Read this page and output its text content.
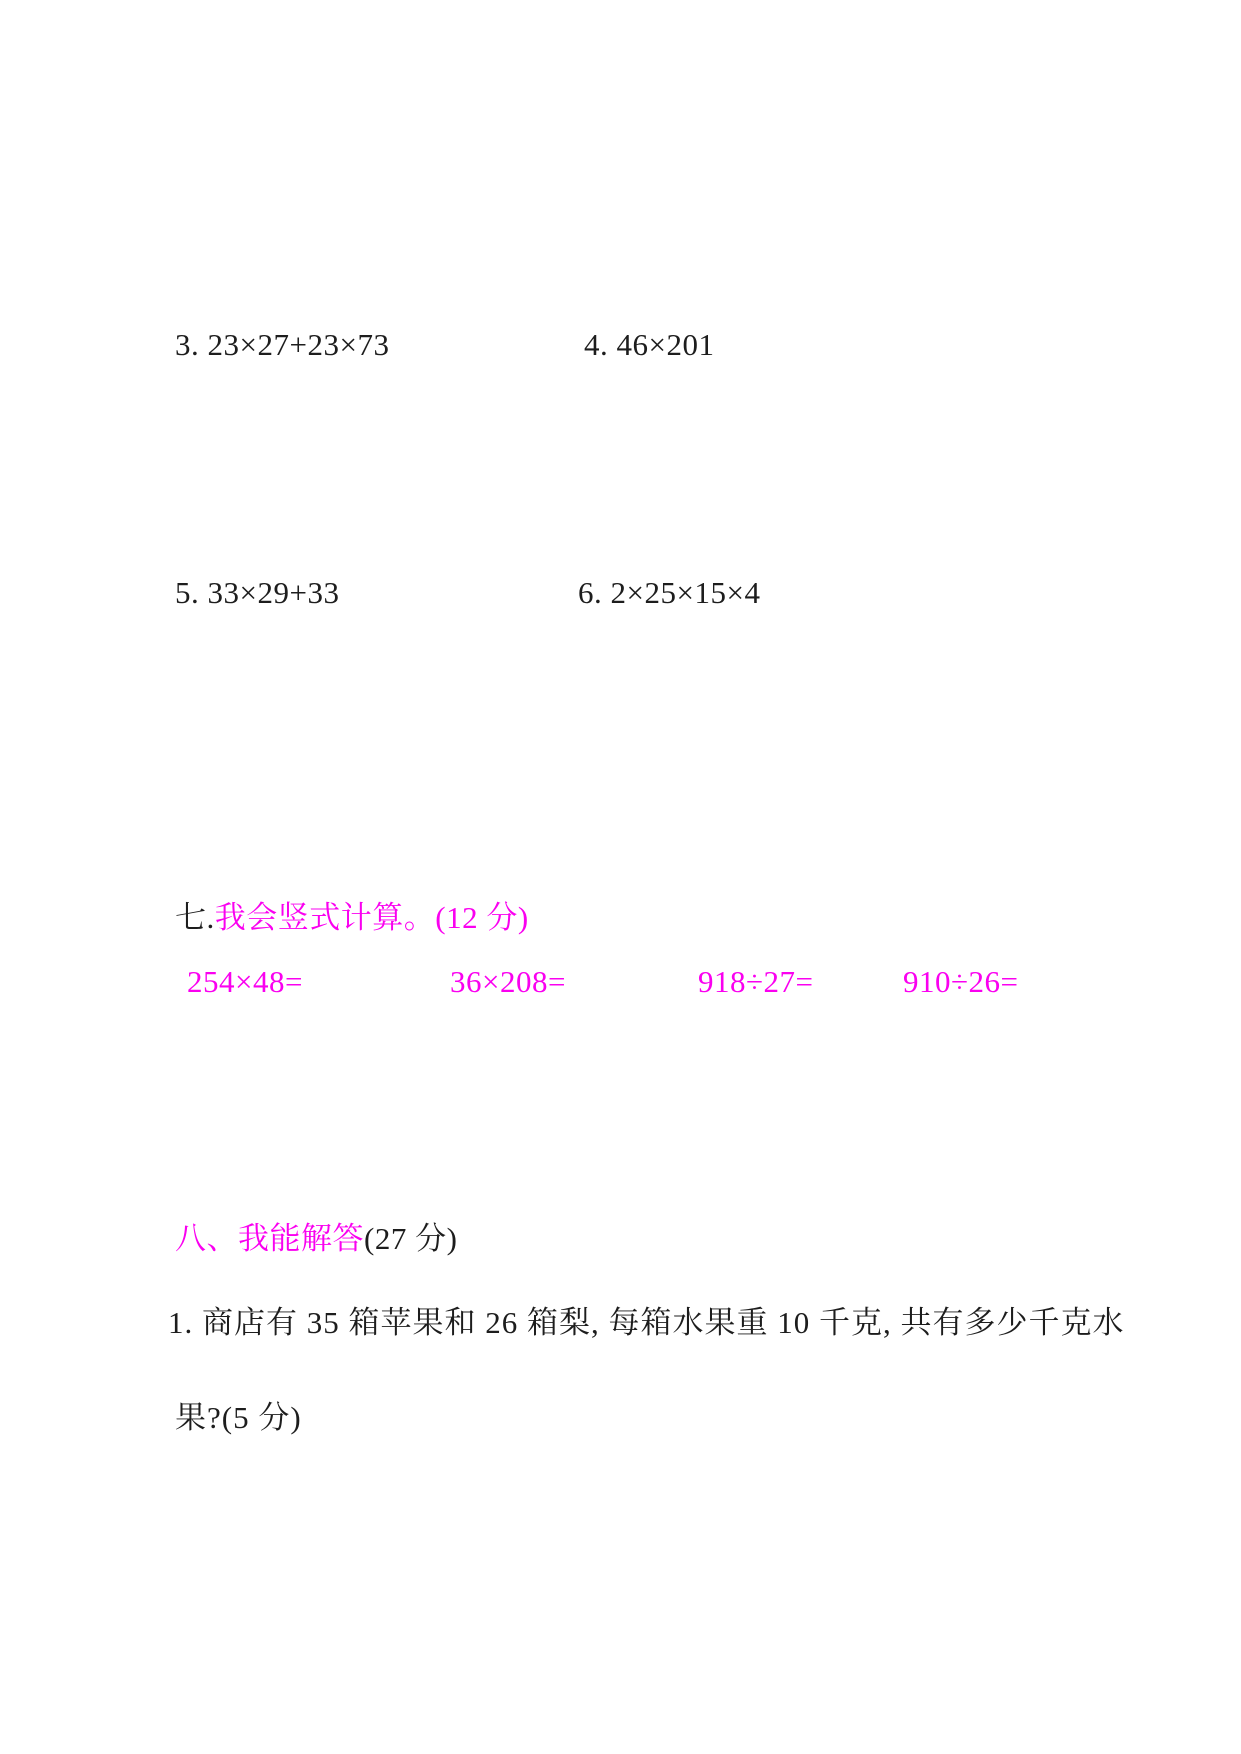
3. 23×27+23×73	4. 46×201
5. 33×29+33	6. 2×25×15×4
七.我会竖式计算。(12 分)
254×48=	36×208=	918÷27=	910÷26=
八、我能解答(27 分)
1. 商店有 35 箱苹果和 26 箱梨, 每箱水果重 10 千克, 共有多少千克水
果?(5 分)
